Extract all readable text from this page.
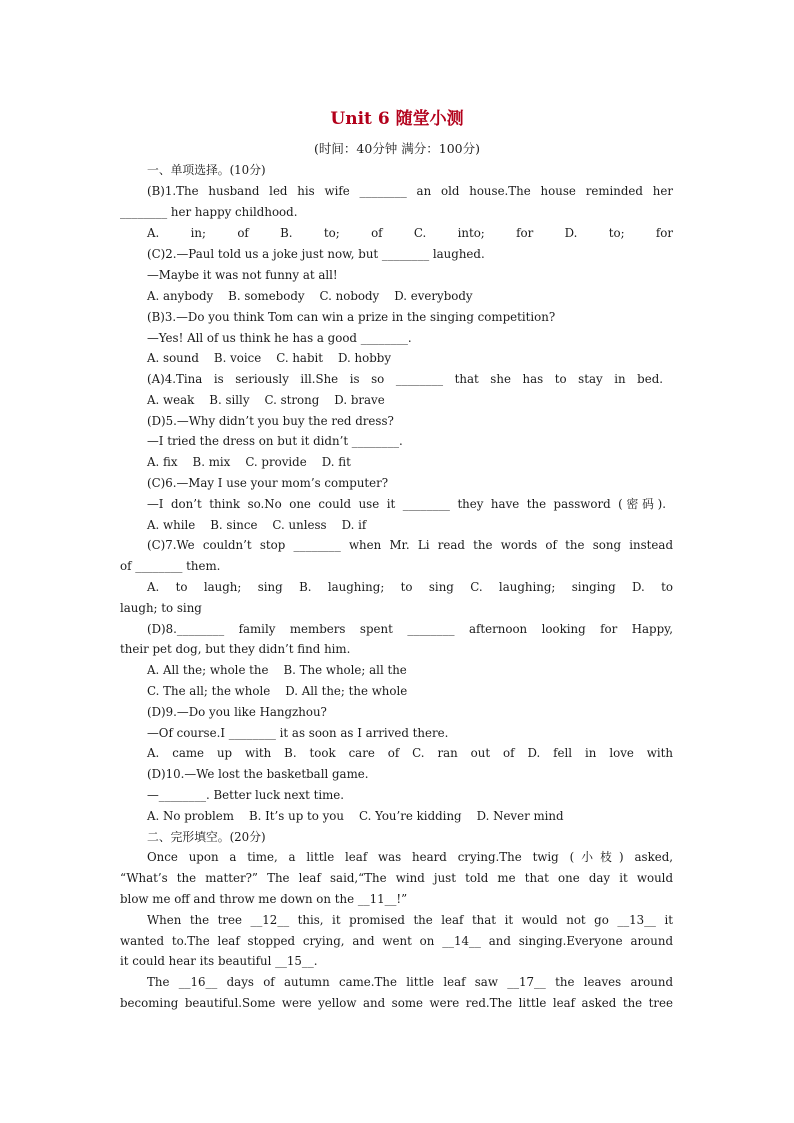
Unit 6 随堂小测
(时间：40分钟 满分：100分)
一、单项选择。(10分)
(B)1.The husband led his wife ________ an old house.The house reminded her
________ her happy childhood.
A. in; of B. to; of C. into; for D. to; for
(C)2.—Paul told us a joke just now, but ________ laughed.
—Maybe it was not funny at all!
A. anybody    B. somebody    C. nobody    D. everybody
(B)3.—Do you think Tom can win a prize in the singing competition?
—Yes! All of us think he has a good ________.
A. sound    B. voice    C. habit    D. hobby
(A)4.Tina is seriously ill.She is so ________ that she has to stay in bed.
A. weak    B. silly    C. strong    D. brave
(D)5.—Why didn’t you buy the red dress?
—I tried the dress on but it didn’t ________.
A. fix    B. mix    C. provide    D. fit
(C)6.—May I use your mom’s computer?
—I don’t think so.No one could use it ________ they have the password (密码).
A. while    B. since    C. unless    D. if
(C)7.We couldn’t stop ________ when Mr. Li read the words of the song instead
of ________ them.
A. to laugh; sing B. laughing; to sing C. laughing; singing D. to
laugh; to sing
(D)8.________ family members spent ________ afternoon looking for Happy,
their pet dog, but they didn’t find him.
A. All the; whole the    B. The whole; all the
C. The all; the whole    D. All the; the whole
(D)9.—Do you like Hangzhou?
—Of course.I ________ it as soon as I arrived there.
A. came up with B. took care of C. ran out of D. fell in love with
(D)10.—We lost the basketball game.
—________. Better luck next time.
A. No problem    B. It’s up to you    C. You’re kidding    D. Never mind
二、完形填空。(20分)
Once upon a time, a little leaf was heard crying.The twig (小枝) asked,
“What’s the matter?” The leaf said,“The wind just told me that one day it would
blow me off and throw me down on the __11__!”
When the tree __12__ this, it promised the leaf that it would not go __13__ it
wanted to.The leaf stopped crying, and went on __14__ and singing.Everyone around
it could hear its beautiful __15__.
The __16__ days of autumn came.The little leaf saw __17__ the leaves around
becoming beautiful.Some were yellow and some were red.The little leaf asked the tree
